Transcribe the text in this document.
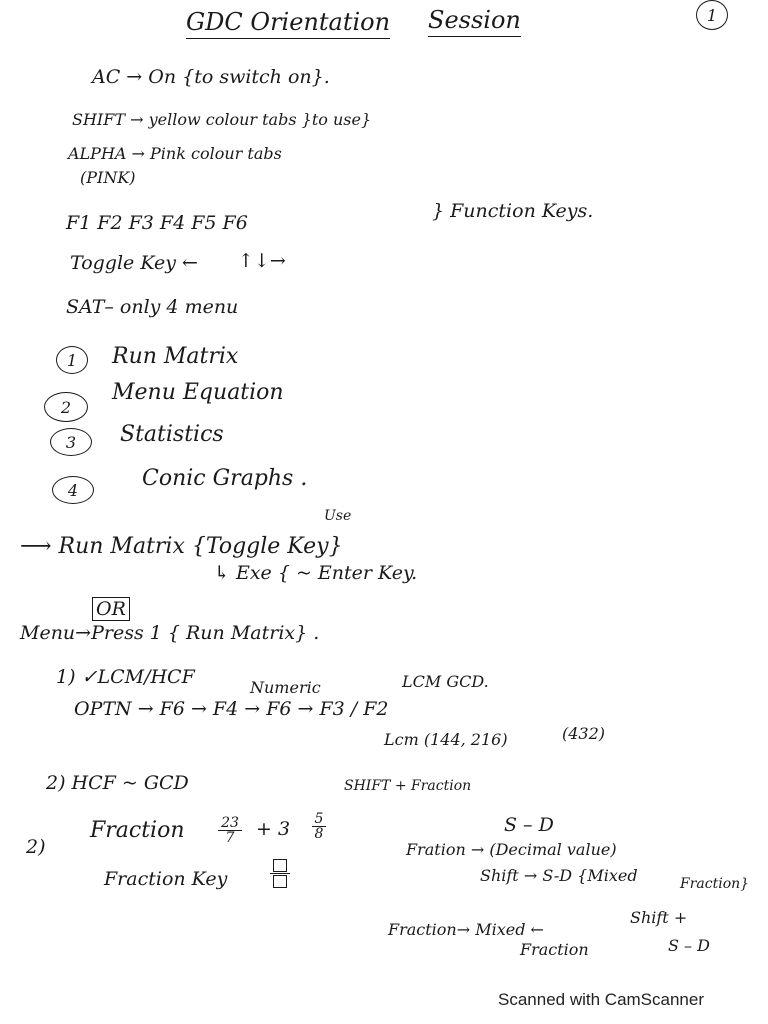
1
GDC Orientation Session
AC → On {to switch on}.
SHIFT → yellow colour tabs }to use}
ALPHA → Pink colour tabs
(PINK)
F1 F2 F3 F4 F5 F6
} Function Keys.
Toggle Key ← ↑↓→
SAT– only 4 menu
1 Run Matrix
2
Menu Equation
3 Statistics
4	Conic Graphs .
Use
⟶ Run Matrix {Toggle Key}
↳ Exe { ~ Enter Key.
OR
Menu→Press 1 { Run Matrix} .
1) ✓LCM/HCF	Numeric	LCM GCD.
OPTN → F6 → F4 → F6 → F3 / F2
Lcm (144, 216)	(432)
2) HCF ~ GCD	SHIFT + Fraction
2)
Fraction	23
7	+ 3 5
8
Fraction Key
S – D
Fration → (Decimal value)
Shift → S-D {Mixed	Fraction}
Fraction→ Mixed ←
Shift +
Fraction	S – D
Scanned with CamScanner
